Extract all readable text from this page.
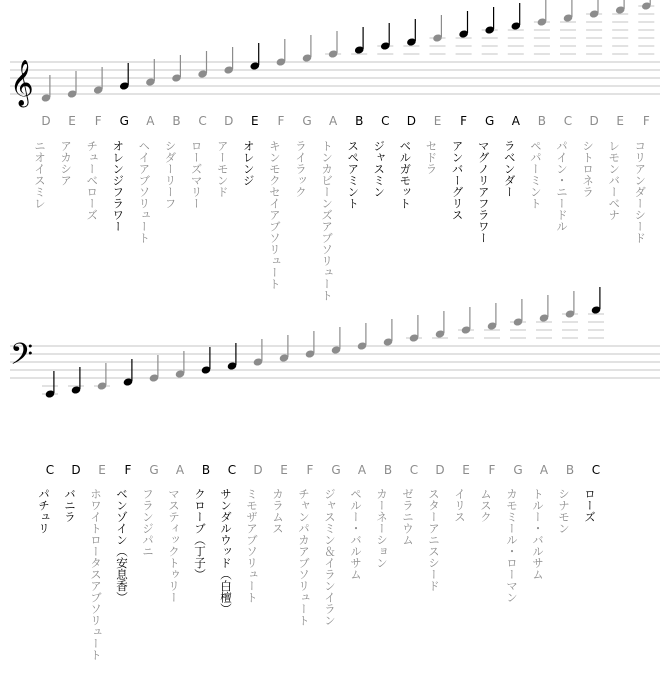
𝄞
D
ニオイスミレ
E
アカシア
F
チューベローズ
G
オレンジフラワー
A
ヘイアブソリュート
B
シダーリーフ
C
ローズマリー
D
アーモンド
E
オレンジ
F
キンモクセイアブソリュート
G
ライラック
A
トンカビーンズアブソリュート
B
スペアミント
C
ジャスミン
D
ベルガモット
E
セドラ
F
アンバーグリス
G
マグノリアフラワー
A
ラベンダー
B
ペパーミント
C
パイン・ニードル
D
シトロネラ
E
レモンバーベナ
F
コリアンダーシード
𝄢
C
パチュリ
D
バニラ
E
ホワイトロータスアブソリュート
F
ベンゾイン（安息香）
G
フランジパニ
A
マスティックトゥリー
B
クローブ（丁子）
C
サンダルウッド（白檀）
D
ミモザアブソリュート
E
カラムス
F
チャンパカアブソリュート
G
ジャスミン＆イランイラン
A
ペルー・バルサム
B
カーネーション
C
ゼラニウム
D
スターアニスシード
E
イリス
F
ムスク
G
カモミール・ローマン
A
トルー・バルサム
B
シナモン
C
ローズ
